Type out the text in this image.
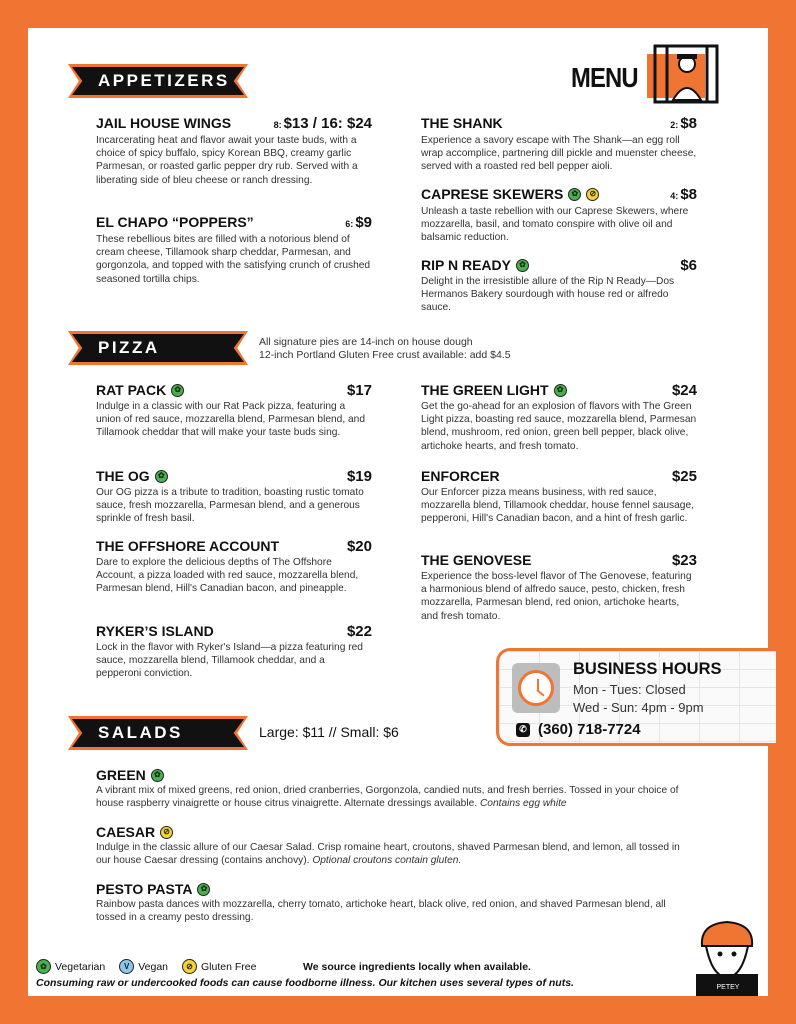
MENU
APPETIZERS
JAIL HOUSE WINGS	8: $13 / 16: $24
Incarcerating heat and flavor await your taste buds, with a choice of spicy buffalo, spicy Korean BBQ, creamy garlic Parmesan, or roasted garlic pepper dry rub. Served with a liberating side of bleu cheese or ranch dressing.
EL CHAPO “POPPERS”	6: $9
These rebellious bites are filled with a notorious blend of cream cheese, Tillamook sharp cheddar, Parmesan, and gorgonzola, and topped with the satisfying crunch of crushed seasoned tortilla chips.
THE SHANK	2: $8
Experience a savory escape with The Shank—an egg roll wrap accomplice, partnering dill pickle and muenster cheese, served with a roasted red bell pepper aioli.
CAPRESE SKEWERS	✿	⊘	4: $8
Unleash a taste rebellion with our Caprese Skewers, where mozzarella, basil, and tomato conspire with olive oil and balsamic reduction.
RIP N READY	✿	$6
Delight in the irresistible allure of the Rip N Ready—Dos Hermanos Bakery sourdough with house red or alfredo sauce.
PIZZA	All signature pies are 14-inch on house dough
12-inch Portland Gluten Free crust available: add $4.5
RAT PACK	✿	$17
Indulge in a classic with our Rat Pack pizza, featuring a union of red sauce, mozzarella blend, Parmesan blend, and Tillamook cheddar that will make your taste buds sing.
THE OG	✿	$19
Our OG pizza is a tribute to tradition, boasting rustic tomato sauce, fresh mozzarella, Parmesan blend, and a generous sprinkle of fresh basil.
THE OFFSHORE ACCOUNT	$20
Dare to explore the delicious depths of The Offshore Account, a pizza loaded with red sauce, mozzarella blend, Parmesan blend, Hill's Canadian bacon, and pineapple.
RYKER’S ISLAND	$22
Lock in the flavor with Ryker's Island—a pizza featuring red sauce, mozzarella blend, Tillamook cheddar, and a pepperoni conviction.
THE GREEN LIGHT	✿	$24
Get the go-ahead for an explosion of flavors with The Green Light pizza, boasting red sauce, mozzarella blend, Parmesan blend, mushroom, red onion, green bell pepper, black olive, artichoke hearts, and fresh tomato.
ENFORCER	$25
Our Enforcer pizza means business, with red sauce, mozzarella blend, Tillamook cheddar, house fennel sausage, pepperoni, Hill's Canadian bacon, and a hint of fresh garlic.
THE GENOVESE	$23
Experience the boss-level flavor of The Genovese, featuring a harmonious blend of alfredo sauce, pesto, chicken, fresh mozzarella, Parmesan blend, red onion, artichoke hearts, and fresh tomato.
BUSINESS HOURS
Mon - Tues: Closed
Wed - Sun: 4pm - 9pm
✆ (360) 718-7724
SALADS	Large: $11 // Small: $6
GREEN	✿
A vibrant mix of mixed greens, red onion, dried cranberries, Gorgonzola, candied nuts, and fresh berries. Tossed in your choice of house raspberry vinaigrette or house citrus vinaigrette. Alternate dressings available. Contains egg white
CAESAR	⊘
Indulge in the classic allure of our Caesar Salad. Crisp romaine heart, croutons, shaved Parmesan blend, and lemon, all tossed in our house Caesar dressing (contains anchovy). Optional croutons contain gluten.
PESTO PASTA	✿
Rainbow pasta dances with mozzarella, cherry tomato, artichoke heart, black olive, red onion, and shaved Parmesan blend, all tossed in a creamy pesto dressing.
PETEY
✿ Vegetarian	V Vegan	⊘ Gluten Free	We source ingredients locally when available.
Consuming raw or undercooked foods can cause foodborne illness. Our kitchen uses several types of nuts.
